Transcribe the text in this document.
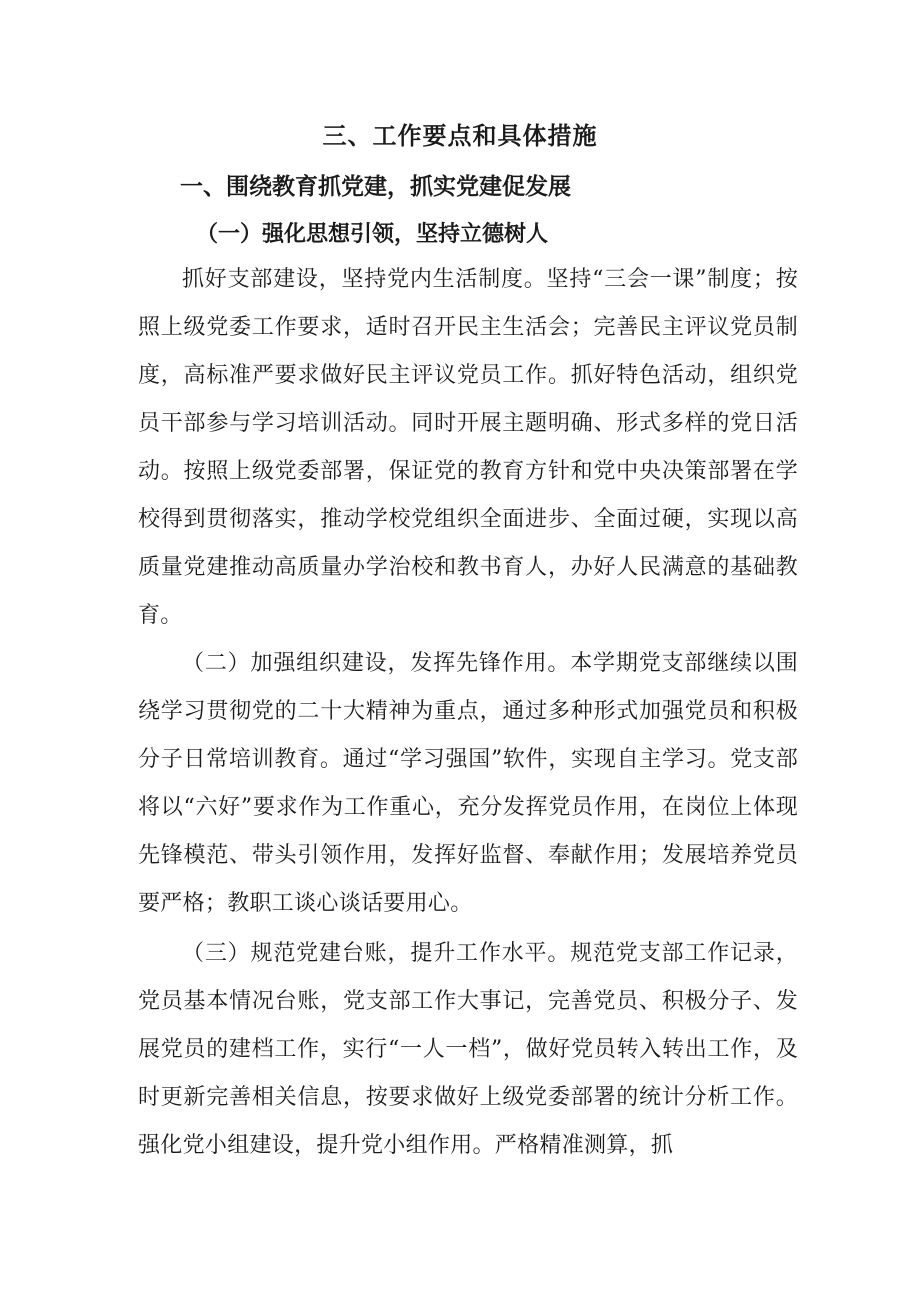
三、工作要点和具体措施
一、围绕教育抓党建，抓实党建促发展
（一）强化思想引领，坚持立德树人

抓好支部建设，坚持党内生活制度。坚持“三会一课”制度；按照上级党委工作要求，适时召开民主生活会；完善民主评议党员制度，高标准严要求做好民主评议党员工作。抓好特色活动，组织党员干部参与学习培训活动。同时开展主题明确、形式多样的党日活动。按照上级党委部署，保证党的教育方针和党中央决策部署在学校得到贯彻落实，推动学校党组织全面进步、全面过硬，实现以高质量党建推动高质量办学治校和教书育人，办好人民满意的基础教育。

（二）加强组织建设，发挥先锋作用。本学期党支部继续以围绕学习贯彻党的二十大精神为重点，通过多种形式加强党员和积极分子日常培训教育。通过“学习强国”软件，实现自主学习。党支部将以“六好”要求作为工作重心，充分发挥党员作用，在岗位上体现先锋模范、带头引领作用，发挥好监督、奉献作用；发展培养党员要严格；教职工谈心谈话要用心。

（三）规范党建台账，提升工作水平。规范党支部工作记录，党员基本情况台账，党支部工作大事记，完善党员、积极分子、发展党员的建档工作，实行“一人一档”，做好党员转入转出工作，及时更新完善相关信息，按要求做好上级党委部署的统计分析工作。强化党小组建设，提升党小组作用。严格精准测算，抓
